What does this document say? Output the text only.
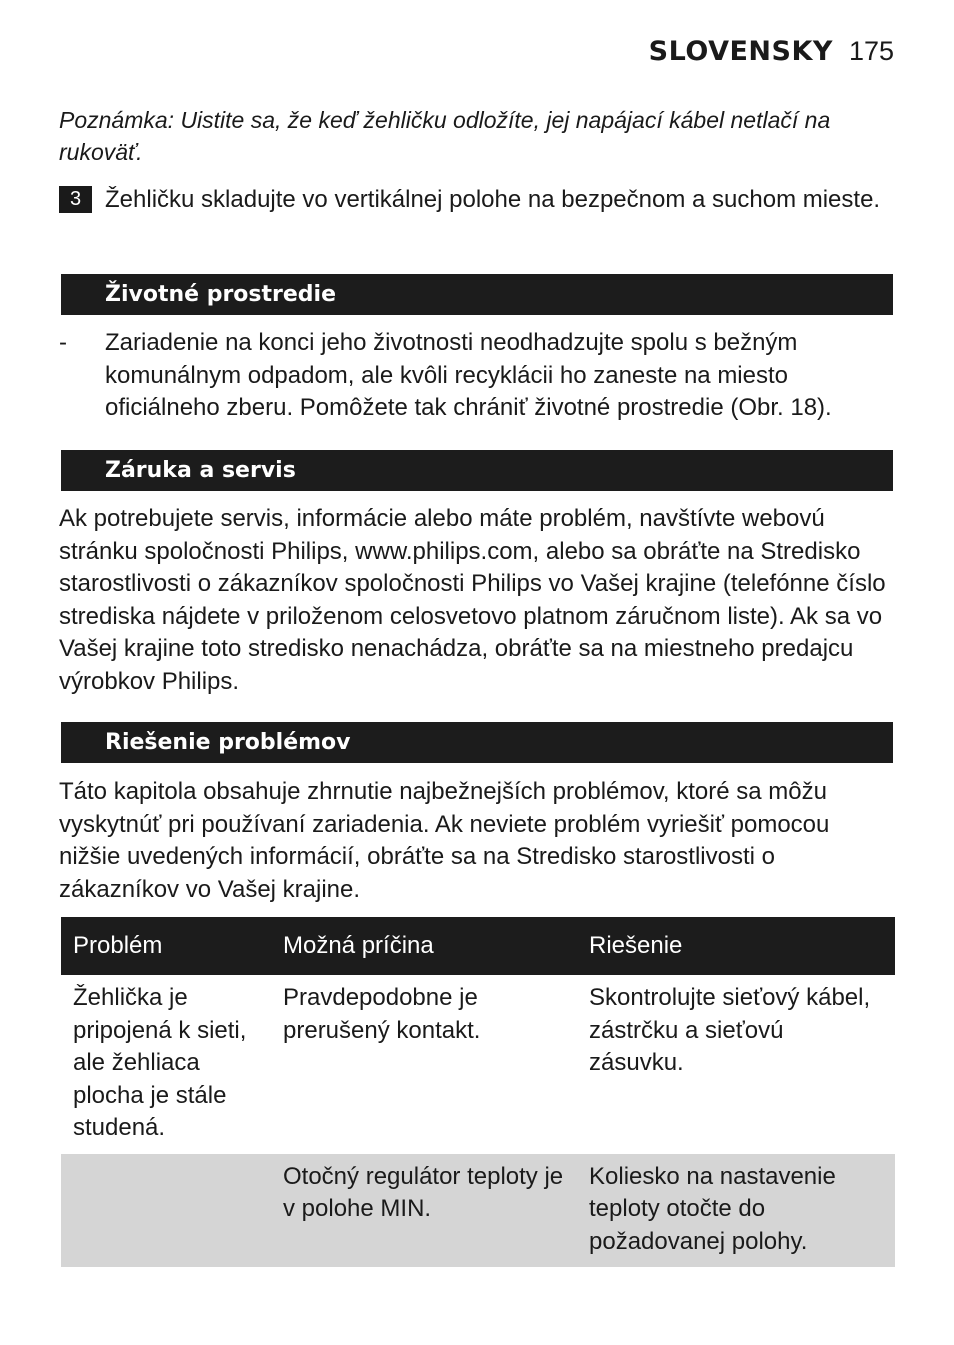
SLOVENSKY 175
Poznámka: Uistite sa, že keď žehličku odložíte, jej napájací kábel netlačí na rukoväť.
3 Žehličku skladujte vo vertikálnej polohe na bezpečnom a suchom mieste.
Životné prostredie
- Zariadenie na konci jeho životnosti neodhadzujte spolu s bežným komunálnym odpadom, ale kvôli recyklácii ho zaneste na miesto oficiálneho zberu. Pomôžete tak chrániť životné prostredie (Obr. 18).
Záruka a servis
Ak potrebujete servis, informácie alebo máte problém, navštívte webovú stránku spoločnosti Philips, www.philips.com, alebo sa obráťte na Stredisko starostlivosti o zákazníkov spoločnosti Philips vo Vašej krajine (telefónne číslo strediska nájdete v priloženom celosvetovo platnom záručnom liste). Ak sa vo Vašej krajine toto stredisko nenachádza, obráťte sa na miestneho predajcu výrobkov Philips.
Riešenie problémov
Táto kapitola obsahuje zhrnutie najbežnejších problémov, ktoré sa môžu vyskytnúť pri používaní zariadenia. Ak neviete problém vyriešiť pomocou nižšie uvedených informácií, obráťte sa na Stredisko starostlivosti o zákazníkov vo Vašej krajine.
Problém	Možná príčina	Riešenie
Žehlička je pripojená k sieti, ale žehliaca plocha je stále studená.	Pravdepodobne je prerušený kontakt.	Skontrolujte sieťový kábel, zástrčku a sieťovú zásuvku.
	Otočný regulátor teploty je v polohe MIN.	Koliesko na nastavenie teploty otočte do požadovanej polohy.
